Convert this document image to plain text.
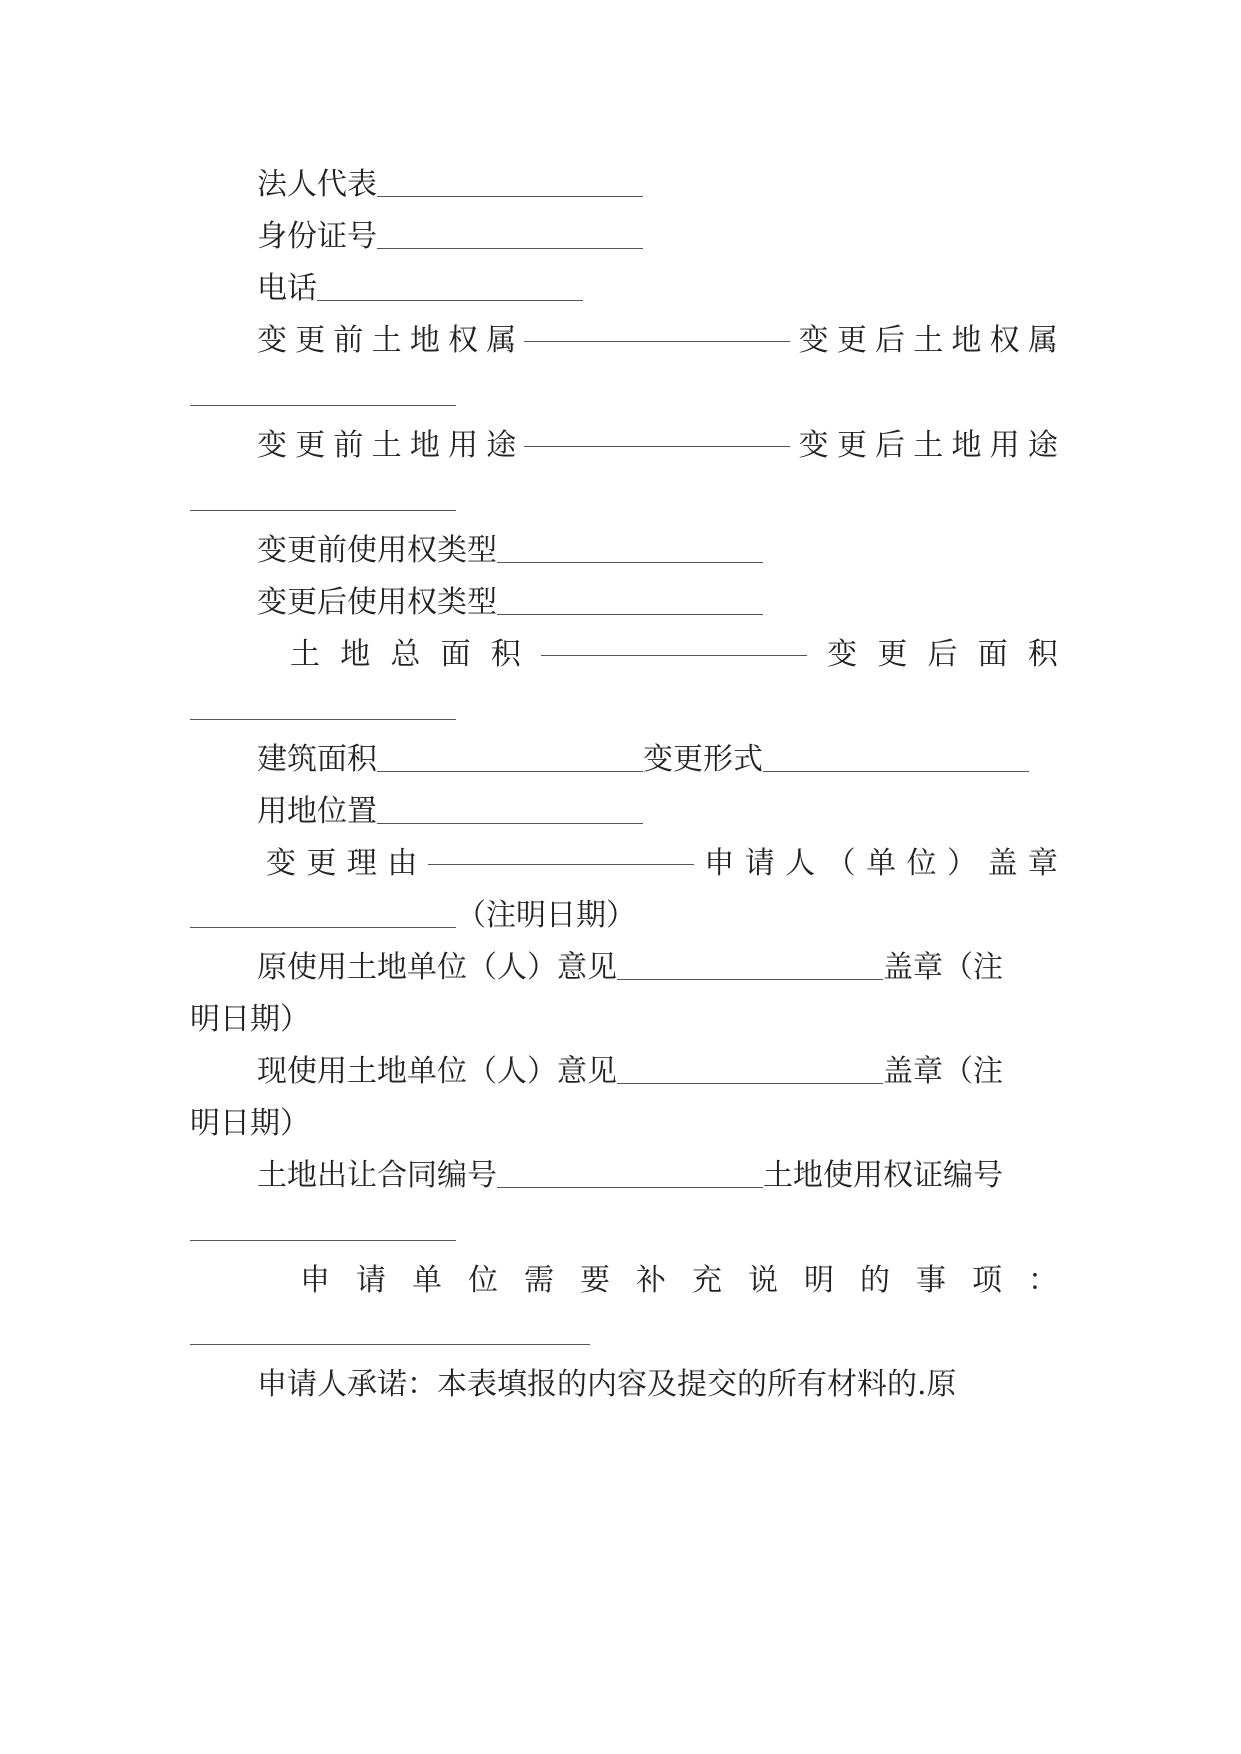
法人代表
身份证号
电话
变 更 前 土 地 权 属	变 更 后 土 地 权 属
变 更 前 土 地 用 途	变 更 后 土 地 用 途
变更前使用权类型
变更后使用权类型
土 地 总 面 积	变 更 后 面 积
建筑面积	变更形式
用地位置
变 更 理 由	申 请 人 （ 单 位 ） 盖 章
（注明日期）
原使用土地单位（人）意见	盖章（注
明日期）
现使用土地单位（人）意见	盖章（注
明日期）
土地出让合同编号	土地使用权证编号
申 请 单 位 需 要 补 充 说 明 的 事 项 ：
申请人承诺：本表填报的内容及提交的所有材料的.原
